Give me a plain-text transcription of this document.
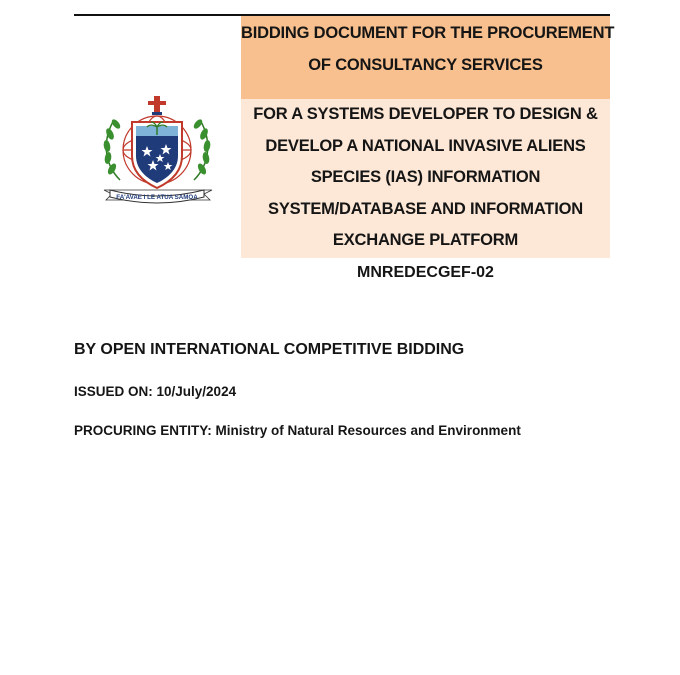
BIDDING DOCUMENT FOR THE PROCUREMENT
OF CONSULTANCY SERVICES
FOR A SYSTEMS DEVELOPER TO DESIGN &
DEVELOP A NATIONAL INVASIVE ALIENS
SPECIES (IAS) INFORMATION
SYSTEM/DATABASE AND INFORMATION
EXCHANGE PLATFORM
MNREDECGEF-02
FA'AVAE I LE ATUA SAMOA
BY OPEN INTERNATIONAL COMPETITIVE BIDDING
ISSUED ON: 10/July/2024
PROCURING ENTITY: Ministry of Natural Resources and Environment
